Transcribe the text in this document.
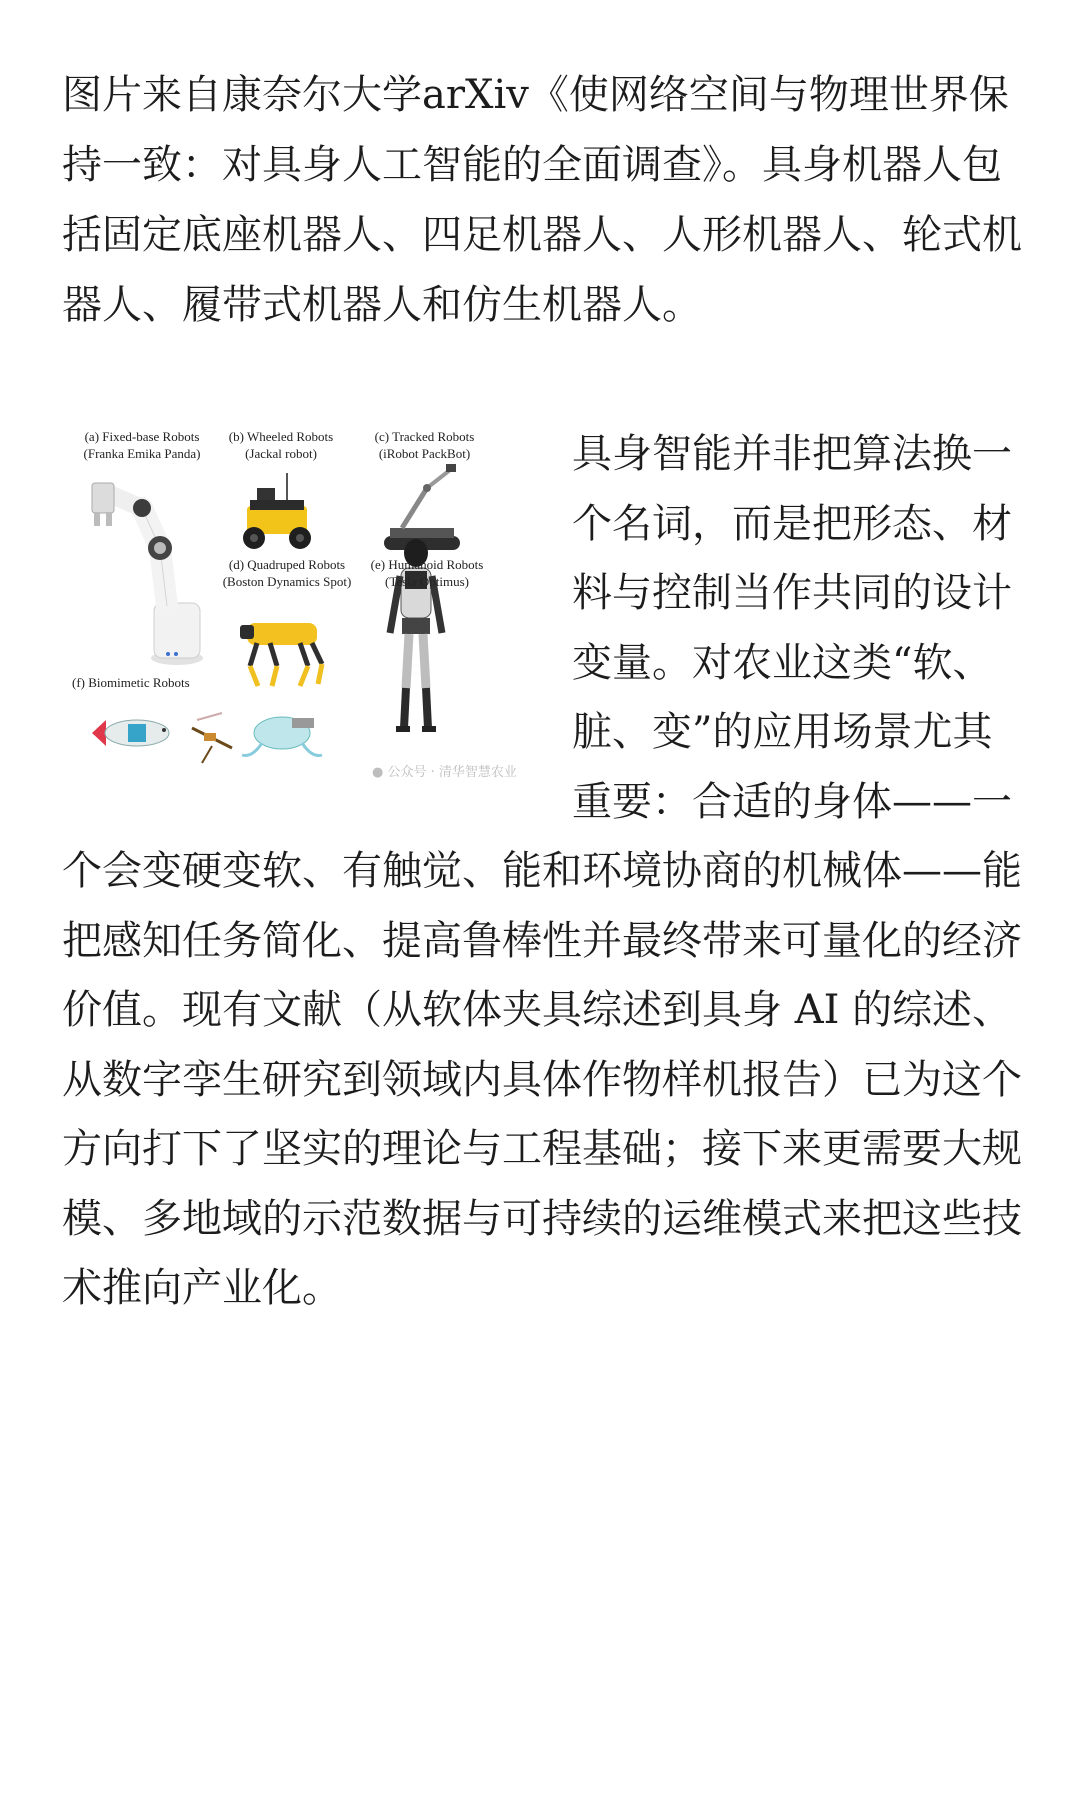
图片来自康奈尔大学arXiv《使网络空间与物理世界保持一致：对具身人工智能的全面调查》。具身机器人包括固定底座机器人、四足机器人、人形机器人、轮式机器人、履带式机器人和仿生机器人。

(a) Fixed-base Robots
(Franka Emika Panda)
(b) Wheeled Robots
(Jackal robot)
(c) Tracked Robots
(iRobot PackBot)
(d) Quadruped Robots
(Boston Dynamics Spot)
(e) Humanoid Robots
(Tesla Optimus)
(f) Biomimetic Robots
● 公众号 · 清华智慧农业

具身智能并非把算法换一个名词，而是把形态、材料与控制当作共同的设计变量。对农业这类“软、脏、变”的应用场景尤其重要：合适的身体——一个会变硬变软、有触觉、能和环境协商的机械体——能把感知任务简化、提高鲁棒性并最终带来可量化的经济价值。现有文献（从软体夹具综述到具身 AI 的综述、从数字孪生研究到领域内具体作物样机报告）已为这个方向打下了坚实的理论与工程基础；接下来更需要大规模、多地域的示范数据与可持续的运维模式来把这些技术推向产业化。
